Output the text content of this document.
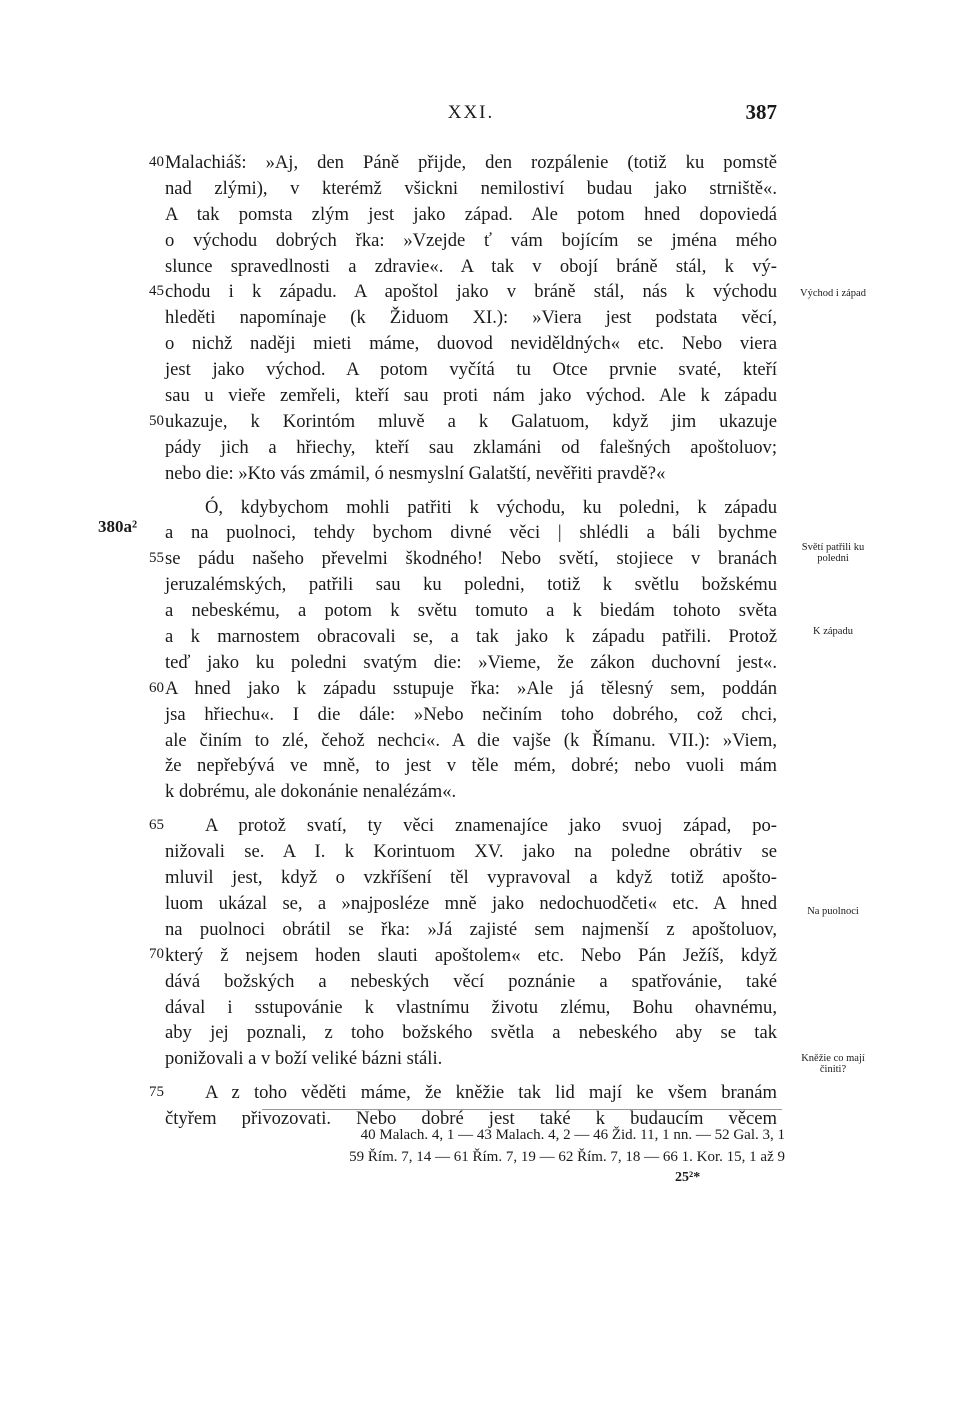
XXI.	387
Malachiáš: »Aj, den Páně přijde, den rozpálenie (totiž ku pomstě
nad zlými), v kterémž všickni nemilostiví budau jako strniště«.
A tak pomsta zlým jest jako západ. Ale potom hned dopoviedá
o východu dobrých řka: »Vzejde ť vám bojícím se jména mého
slunce spravedlnosti a zdravie«. A tak v obojí bráně stál, k vý-
chodu i k západu. A apoštol jako v bráně stál, nás k východu
hleděti napomínaje (k Židuom XI.): »Viera jest podstata věcí,
o nichž naději mieti máme, duovod neviděldných« etc. Nebo viera
jest jako východ. A potom vyčítá tu Otce prvnie svaté, kteří
sau u vieře zemřeli, kteří sau proti nám jako východ. Ale k západu
ukazuje, k Korintóm mluvě a k Galatuom, když jim ukazuje
pády jich a hřiechy, kteří sau zklamáni od falešných apoštoluov;
nebo die: »Kto vás zmámil, ó nesmyslní Galatští, nevěřiti pravdě?«
Ó, kdybychom mohli patřiti k východu, ku poledni, k západu
a na puolnoci, tehdy bychom divné věci | shlédli a báli bychme
se pádu našeho převelmi škodného! Nebo světí, stojiece v branách
jeruzalémských, patřili sau ku poledni, totiž k světlu božskému
a nebeskému, a potom k světu tomuto a k biedám tohoto světa
a k marnostem obracovali se, a tak jako k západu patřili. Protož
teď jako ku poledni svatým die: »Vieme, že zákon duchovní jest«.
A hned jako k západu sstupuje řka: »Ale já tělesný sem, poddán
jsa hřiechu«. I die dále: »Nebo nečiním toho dobrého, což chci,
ale činím to zlé, čehož nechci«. A die vajše (k Římanu. VII.): »Viem,
že nepřebývá ve mně, to jest v těle mém, dobré; nebo vuoli mám
k dobrému, ale dokonánie nenalézám«.
A protož svatí, ty věci znamenajíce jako svuoj západ, po-
nižovali se. A I. k Korintuom XV. jako na poledne obrátiv se
mluvil jest, když o vzkříšení těl vypravoval a když totiž apošto-
luom ukázal se, a »najposléze mně jako nedochuodčeti« etc. A hned
na puolnoci obrátil se řka: »Já zajisté sem najmenší z apoštoluov,
který ž nejsem hoden slauti apoštolem« etc. Nebo Pán Ježíš, když
dává božských a nebeských věcí poznánie a spatřovánie, také
dával i sstupovánie k vlastnímu životu zlému, Bohu ohavnému,
aby jej poznali, z toho božského světla a nebeského aby se tak
ponižovali a v boží veliké bázni stáli.
A z toho věděti máme, že kněžie tak lid mají ke všem branám
čtyřem přivozovati. Nebo dobré jest také k budaucím věcem
40
45
50
55
60
65
70
75
380a²
Východ i západ
Světí patřili ku poledni
K západu
Na puolnoci
Kněžie co mají činiti?
40 Malach. 4, 1 — 43 Malach. 4, 2 — 46 Žid. 11, 1 nn. — 52 Gal. 3, 1
59 Řím. 7, 14 — 61 Řím. 7, 19 — 62 Řím. 7, 18 — 66 1. Kor. 15, 1 až 9
25²*
